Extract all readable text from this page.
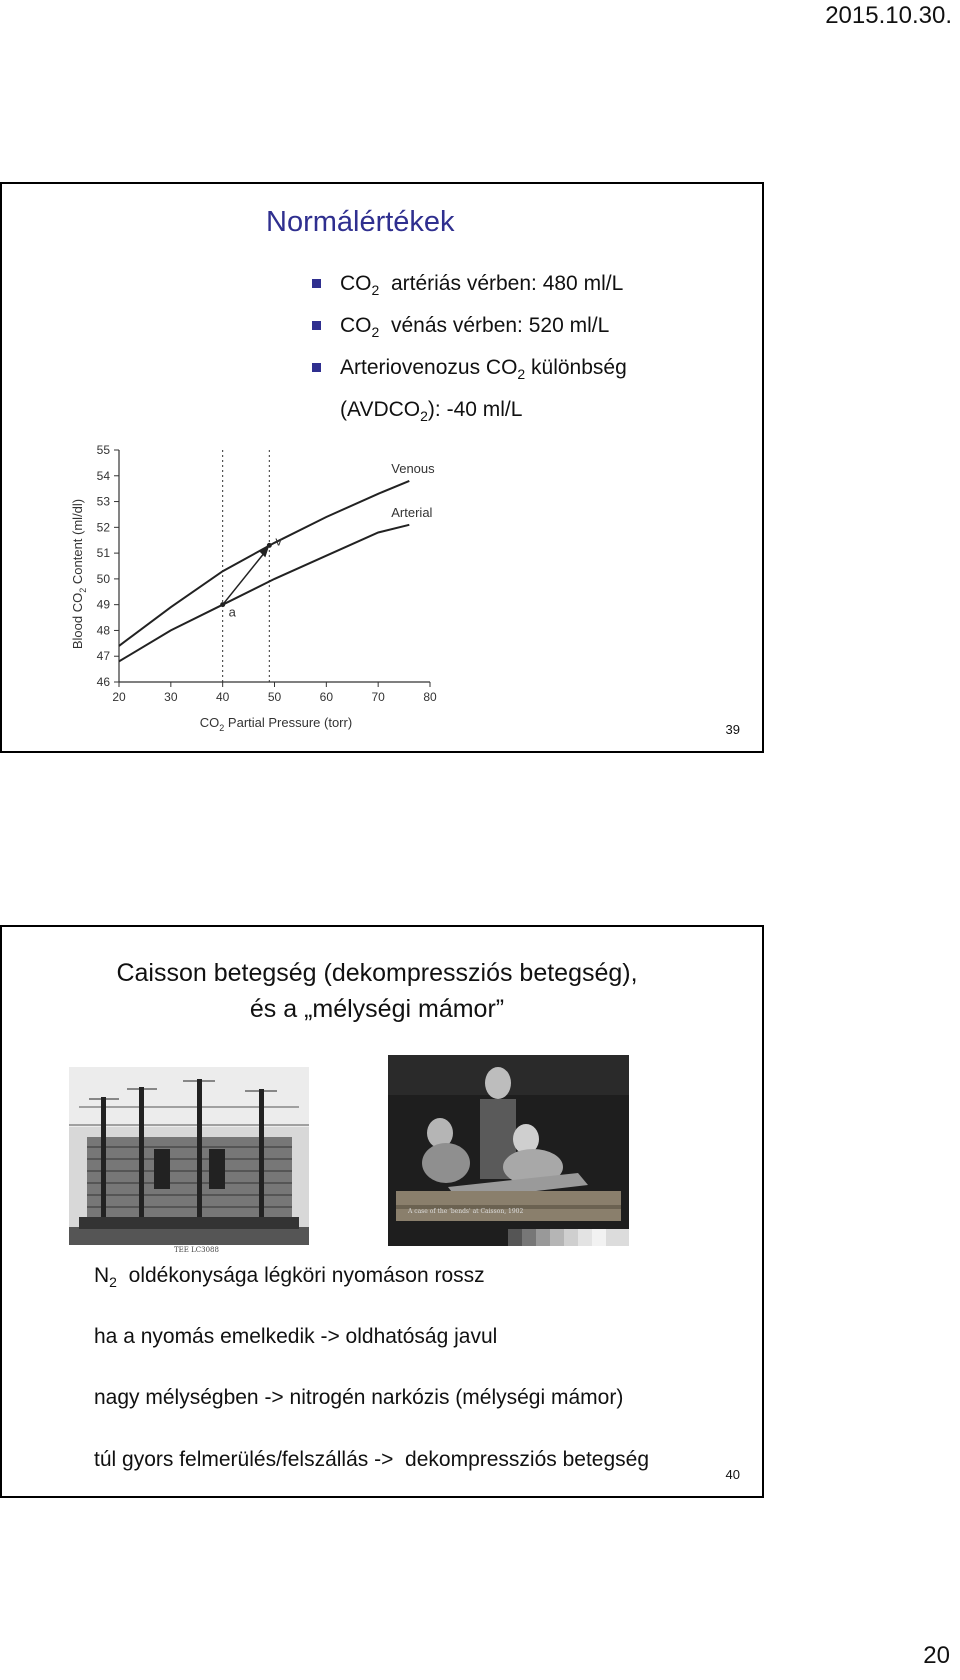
2015.10.30.
Normálértékek
$CO_2$  artériás vérben: 480 ml/L
$CO_2$  vénás vérben: 520 ml/L
Arteriovenozus $CO_2$ különbség
$(AVDCO_2)$: -40 ml/L
Blood $CO_2$ Content (ml/dl)
$CO_2$ Partial Pressure (torr)
46
47
48
49
50
51
52
53
54
55
20	30	40	50	60	70	80
Venous
Arterial
a
v
39
Caisson betegség (dekompressziós betegség),
és a „mélységi mámor”
TEE LC3088
A case of the 'bends' at Caisson, 1902
$N_2$  oldékonysága légköri nyomáson rossz
ha a nyomás emelkedik -> oldhatóság javul
nagy mélységben -> nitrogén narkózis (mélységi mámor)
túl gyors felmerülés/felszállás ->  dekompressziós betegség
40
20
